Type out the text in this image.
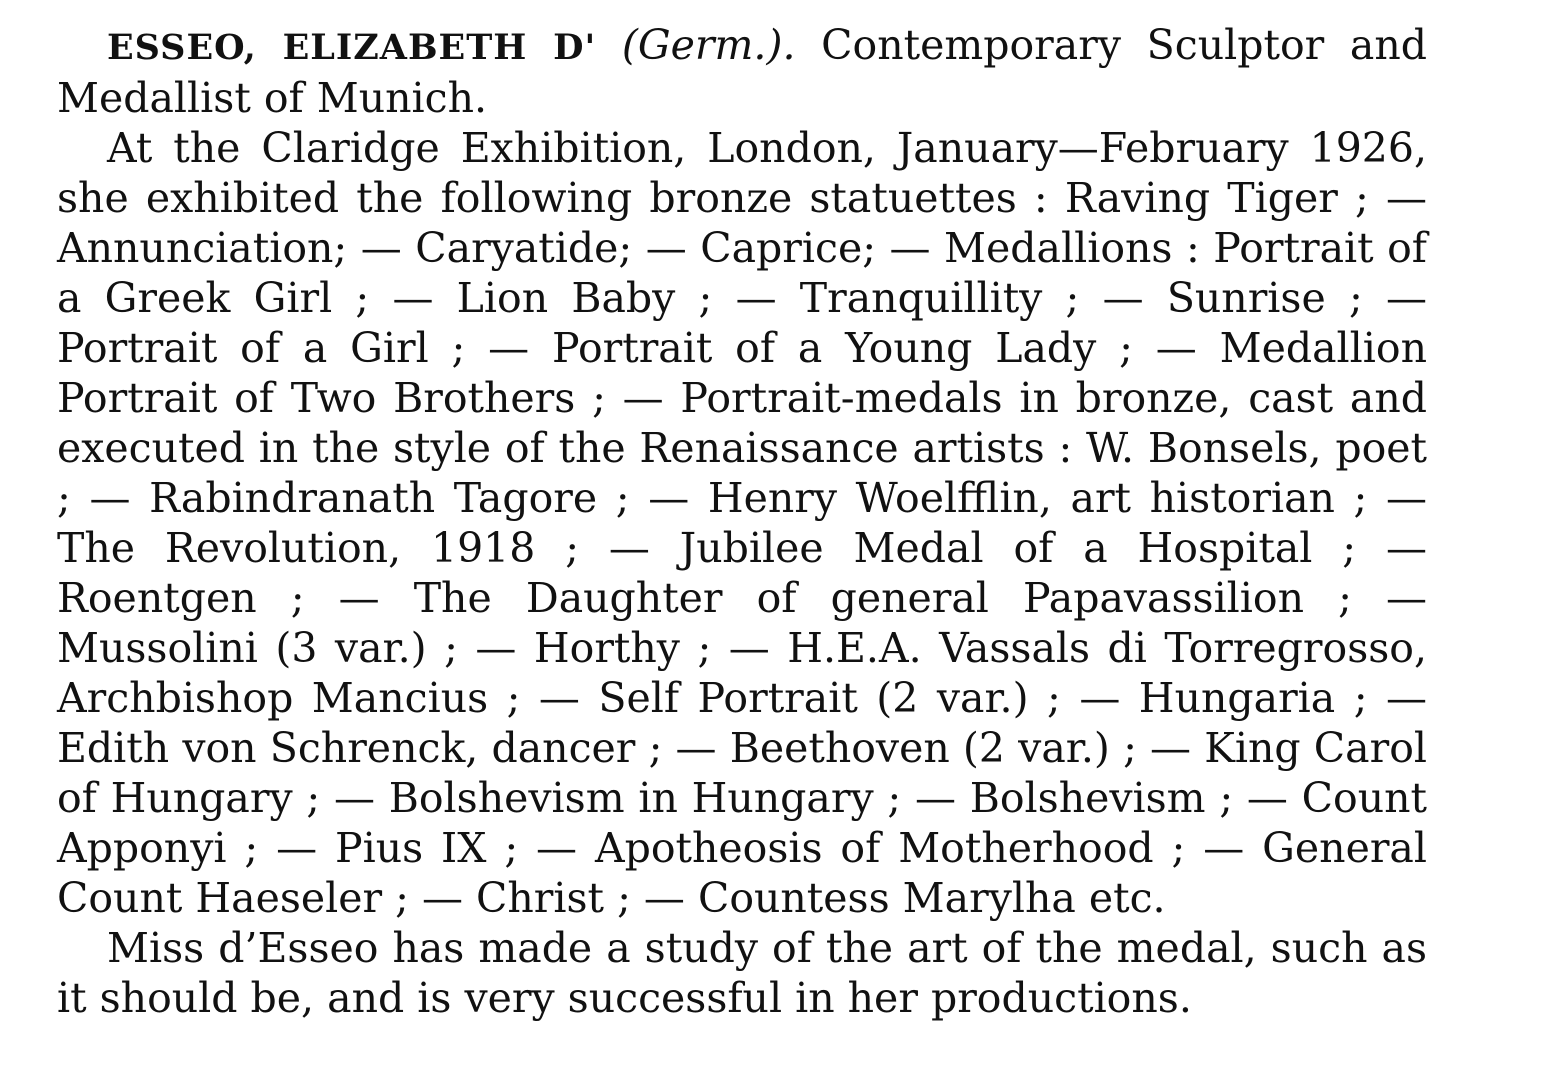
ESSEO, ELIZABETH D' (Germ.). Contemporary Sculptor and Medallist of Munich.

At the Claridge Exhibition, London, January—February 1926, she exhibited the following bronze statuettes : Raving Tiger ; — Annunciation; — Caryatide; — Caprice; — Medallions : Portrait of a Greek Girl ; — Lion Baby ; — Tranquillity ; — Sunrise ; — Portrait of a Girl ; — Portrait of a Young Lady ; — Medallion Portrait of Two Brothers ; — Portrait-medals in bronze, cast and executed in the style of the Renaissance artists : W. Bonsels, poet ; — Rabindranath Tagore ; — Henry Woelfflin, art historian ; — The Revolution, 1918 ; — Jubilee Medal of a Hospital ; — Roentgen ; — The Daughter of general Papavassilion ; — Mussolini (3 var.) ; — Horthy ; — H.E.A. Vassals di Torregrosso, Archbishop Mancius ; — Self Portrait (2 var.) ; — Hungaria ; — Edith von Schrenck, dancer ; — Beethoven (2 var.) ; — King Carol of Hungary ; — Bolshevism in Hungary ; — Bolshevism ; — Count Apponyi ; — Pius IX ; — Apotheosis of Motherhood ; — General Count Haeseler ; — Christ ; — Countess Marylha etc.

Miss d’Esseo has made a study of the art of the medal, such as it should be, and is very successful in her productions.
